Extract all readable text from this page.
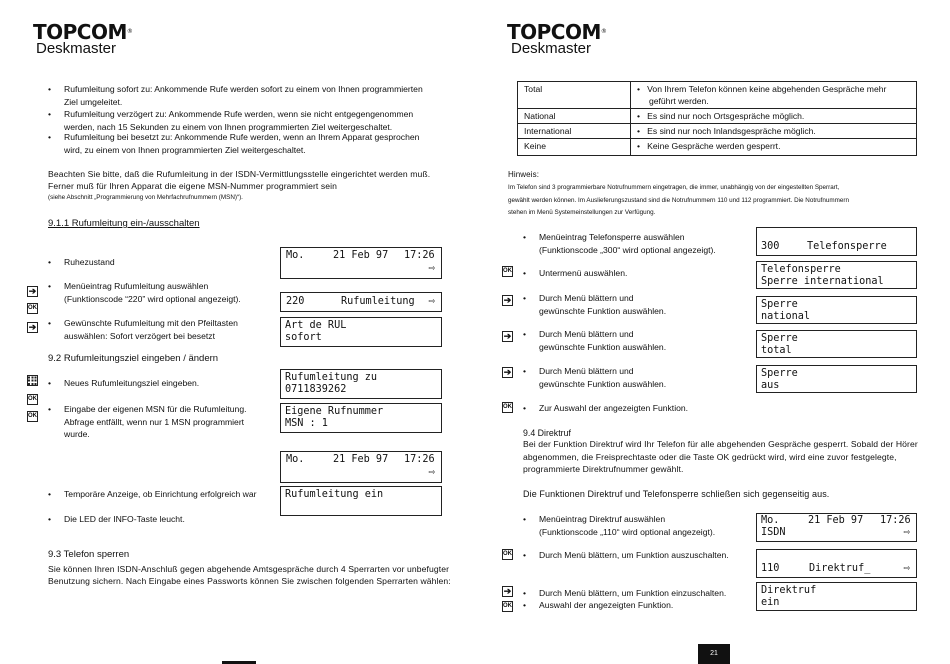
TOPCOM®
Deskmaster
• Rufumleitung sofort zu: Ankommende Rufe werden sofort zu einem von Ihnen programmierten
Ziel umgeleitet.
• Rufumleitung verzögert zu: Ankommende Rufe werden, wenn sie nicht entgegengenommen
werden, nach 15 Sekunden zu einem von Ihnen programmierten Ziel weitergeschaltet.
• Rufumleitung bei besetzt zu: Ankommende Rufe werden, wenn an Ihrem Apparat gesprochen
wird, zu einem von Ihnen programmierten Ziel weitergeschaltet.
Beachten Sie bitte, daß die Rufumleitung in der ISDN-Vermittlungsstelle eingerichtet werden muß.
Ferner muß für Ihren Apparat die eigene MSN-Nummer programmiert sein
(siehe Abschnitt „Programmierung von Mehrfachrufnummern (MSN)“).
9.1.1 Rufumleitung ein-/ausschalten
• Ruhezustand
➔
OK
• Menüeintrag Rufumleitung auswählen
(Funktionscode “220” wird optional angezeigt).
➔ • Gewünschte Rufumleitung mit den Pfeiltasten
auswählen: Sofort verzögert bei besetzt
9.2 Rufumleitungsziel eingeben / ändern
• Neues Rufumleitungsziel eingeben.
OK
OK
• Eingabe der eigenen MSN für die Rufumleitung.
Abfrage entfällt, wenn nur 1 MSN programmiert
wurde.
• Temporäre Anzeige, ob Einrichtung erfolgreich war
• Die LED der INFO-Taste leucht.
9.3 Telefon sperren
Sie können Ihren ISDN-Anschluß gegen abgehende Amtsgespräche durch 4 Sperrarten vor unbefugter
Benutzung sichern. Nach Eingabe eines Passworts können Sie zwischen folgenden Sperrarten wählen:

Mo.

	21 Feb 97

17:26

⇨

220

	Rufumleitung

⇨

Art de RUL
sofort
Rufumleitung zu
0711839262
Eigene Rufnummer
MSN : 1

Mo.

	21 Feb 97

17:26

⇨

Rufumleitung ein
TOPCOM®
Deskmaster
Total	•   Von Ihrem Telefon können keine abgehenden Gespräche mehr
geführt werden.
National	•   Es sind nur noch Ortsgespräche möglich.
International	•   Es sind nur noch Inlandsgespräche möglich.
Keine	•   Keine Gespräche werden gesperrt.
Hinweis:
Im Telefon sind 3 programmierbare Notrufnummern eingetragen, die immer, unabhängig von der eingestellten Sperrart,
gewählt werden können. Im Auslieferungszustand sind die Notrufnummern 110 und 112 programmiert. Die Notrufnummern
stehen im Menü Systemeinstellungen zur Verfügung.
• Menüeintrag Telefonsperre auswählen
(Funktionscode „300“ wird optional angezeigt).
OK • Untermenü auswählen.
➔ • Durch Menü blättern und
gewünschte Funktion auswählen.
➔ • Durch Menü blättern und
gewünschte Funktion auswählen.
➔ • Durch Menü blättern und
gewünschte Funktion auswählen.
OK • Zur Auswahl der angezeigten Funktion.

300

	Telefonsperre

Telefonsperre
Sperre international
Sperre
national
Sperre
total
Sperre
aus
9.4 Direktruf
Bei der Funktion Direktruf wird Ihr Telefon für alle abgehenden Gespräche gesperrt. Sobald der Hörer
abgenommen, die Freisprechtaste oder die Taste OK gedrückt wird, wird eine zuvor festgelegte,
programmierte Direktrufnummer gewählt.
Die Funktionen Direktruf und Telefonsperre schließen sich gegenseitig aus.
• Menüeintrag Direktruf auswählen
(Funktionscode „110“ wird optional angezeigt).
OK • Durch Menü blättern, um Funktion auszuschalten.
➔ • Durch Menü blättern, um Funktion einzuschalten.
OK • Auswahl der angezeigten Funktion.

Mo.

	21 Feb 97

17:26

ISDN

	⇨

110

	Direktruf_

	⇨

Direktruf
ein
21
